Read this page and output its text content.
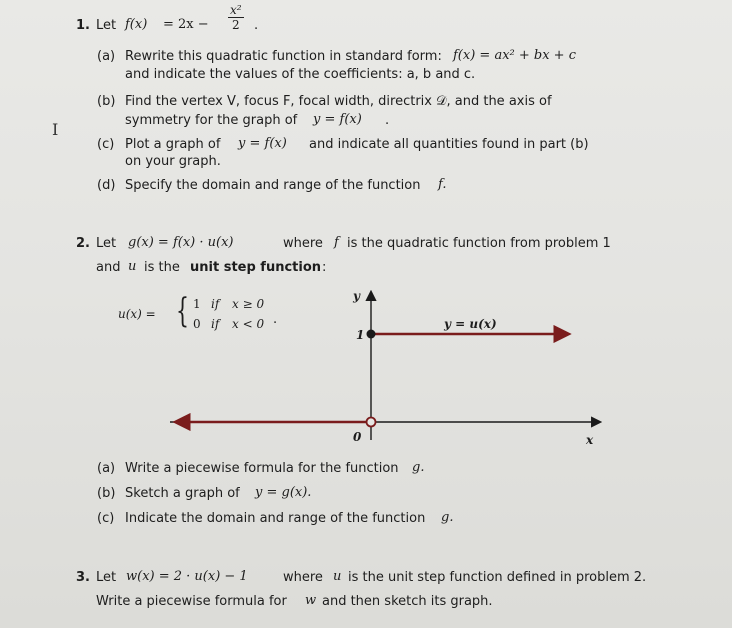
I
1. Let $f(x) = 2x - \frac{\text{x²}}{2}$ .
(a) Rewrite this quadratic function in standard form: f(x) = ax² + bx + c
and indicate the values of the coefficients: a, b and c.
(b) Find the vertex V, focus F, focal width, directrix 𝒟, and the axis of
symmetry for the graph of y = f(x) .
(c) Plot a graph of y = f(x) and indicate all quantities found in part (b)
on your graph.
(d) Specify the domain and range of the function f.
2. Let g(x) = f(x) · u(x)	where f is the quadratic function from problem 1
and u is the unit step function :
u(x) = { 1 if x ≥ 0
0 if x < 0 .
y
x
1
0
y = u(x)
(a) Write a piecewise formula for the function g.
(b) Sketch a graph of y = g(x).
(c) Indicate the domain and range of the function g.
3. Let w(x) = 2 · u(x) − 1	where u is the unit step function defined in problem 2.
Write a piecewise formula for w and then sketch its graph.
